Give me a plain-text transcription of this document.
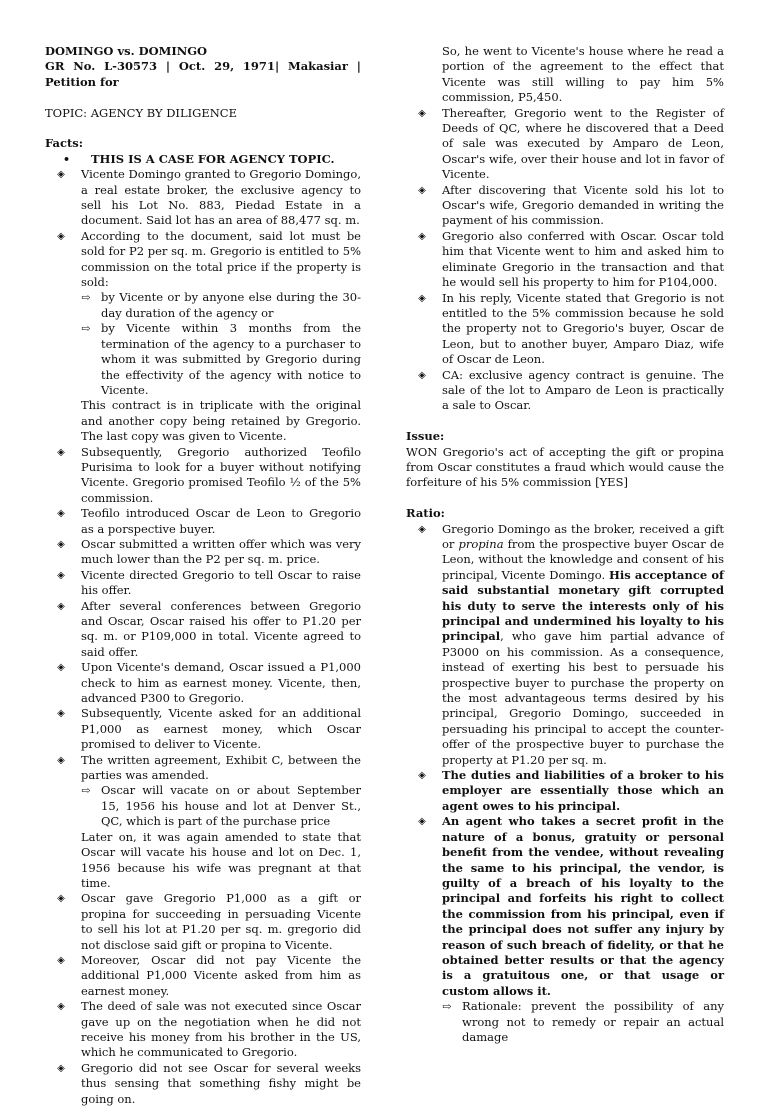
DOMINGO vs. DOMINGO

GR No. L-30573 | Oct. 29, 1971| Makasiar | Petition for

TOPIC: AGENCY BY DILIGENCE

Facts:

• THIS IS A CASE FOR AGENCY TOPIC.
◈ Vicente Domingo granted to Gregorio Domingo, a real estate broker, the exclusive agency to sell his Lot No. 883, Piedad Estate in a document. Said lot has an area of 88,477 sq. m.
◈ According to the document, said lot must be sold for P2 per sq. m. Gregorio is entitled to 5% commission on the total price if the property is sold:
⇨ by Vicente or by anyone else during the 30-day duration of the agency or
⇨ by Vicente within 3 months from the termination of the agency to a purchaser to whom it was submitted by Gregorio during the effectivity of the agency with notice to Vicente.

This contract is in triplicate with the original and another copy being retained by Gregorio. The last copy was given to Vicente.

◈ Subsequently, Gregorio authorized Teofilo Purisima to look for a buyer without notifying Vicente. Gregorio promised Teofilo ½ of the 5% commission.
◈ Teofilo introduced Oscar de Leon to Gregorio as a porspective buyer.
◈ Oscar submitted a written offer which was very much lower than the P2 per sq. m. price.
◈ Vicente directed Gregorio to tell Oscar to raise his offer.
◈ After several conferences between Gregorio and Oscar, Oscar raised his offer to P1.20 per sq. m. or P109,000 in total. Vicente agreed to said offer.
◈ Upon Vicente's demand, Oscar issued a P1,000 check to him as earnest money. Vicente, then, advanced P300 to Gregorio.
◈ Subsequently, Vicente asked for an additional P1,000 as earnest money, which Oscar promised to deliver to Vicente.
◈ The written agreement, Exhibit C, between the parties was amended.
⇨ Oscar will vacate on or about September 15, 1956 his house and lot at Denver St., QC, which is part of the purchase price

Later on, it was again amended to state that Oscar will vacate his house and lot on Dec. 1, 1956 because his wife was pregnant at that time.

◈ Oscar gave Gregorio P1,000 as a gift or propina for succeeding in persuading Vicente to sell his lot at P1.20 per sq. m. gregorio did not disclose said gift or propina to Vicente.
◈ Moreover, Oscar did not pay Vicente the additional P1,000 Vicente asked from him as earnest money.
◈ The deed of sale was not executed since Oscar gave up on the negotiation when he did not receive his money from his brother in the US, which he communicated to Gregorio.
◈ Gregorio did not see Oscar for several weeks thus sensing that something fishy might be going on.

So, he went to Vicente's house where he read a portion of the agreement to the effect that Vicente was still willing to pay him 5% commission, P5,450.

◈ Thereafter, Gregorio went to the Register of Deeds of QC, where he discovered that a Deed of sale was executed by Amparo de Leon, Oscar's wife, over their house and lot in favor of Vicente.
◈ After discovering that Vicente sold his lot to Oscar's wife, Gregorio demanded in writing the payment of his commission.
◈ Gregorio also conferred with Oscar. Oscar told him that Vicente went to him and asked him to eliminate Gregorio in the transaction and that he would sell his property to him for P104,000.
◈ In his reply, Vicente stated that Gregorio is not entitled to the 5% commission because he sold the property not to Gregorio's buyer, Oscar de Leon, but to another buyer, Amparo Diaz, wife of Oscar de Leon.
◈ CA: exclusive agency contract is genuine. The sale of the lot to Amparo de Leon is practically a sale to Oscar.

Issue:

WON Gregorio's act of accepting the gift or propina from Oscar constitutes a fraud which would cause the forfeiture of his 5% commission [YES]

Ratio:

◈ Gregorio Domingo as the broker, received a gift or propina from the prospective buyer Oscar de Leon, without the knowledge and consent of his principal, Vicente Domingo. His acceptance of said substantial monetary gift corrupted his duty to serve the interests only of his principal and undermined his loyalty to his principal, who gave him partial advance of P3000 on his commission. As a consequence, instead of exerting his best to persuade his prospective buyer to purchase the property on the most advantageous terms desired by his principal, Gregorio Domingo, succeeded in persuading his principal to accept the counter-offer of the prospective buyer to purchase the property at P1.20 per sq. m.
◈ The duties and liabilities of a broker to his employer are essentially those which an agent owes to his principal.
◈ An agent who takes a secret profit in the nature of a bonus, gratuity or personal benefit from the vendee, without revealing the same to his principal, the vendor, is guilty of a breach of his loyalty to the principal and forfeits his right to collect the commission from his principal, even if the principal does not suffer any injury by reason of such breach of fidelity, or that he obtained better results or that the agency is a gratuitous one, or that usage or custom allows it.
⇨ Rationale: prevent the possibility of any wrong not to remedy or repair an actual damage
